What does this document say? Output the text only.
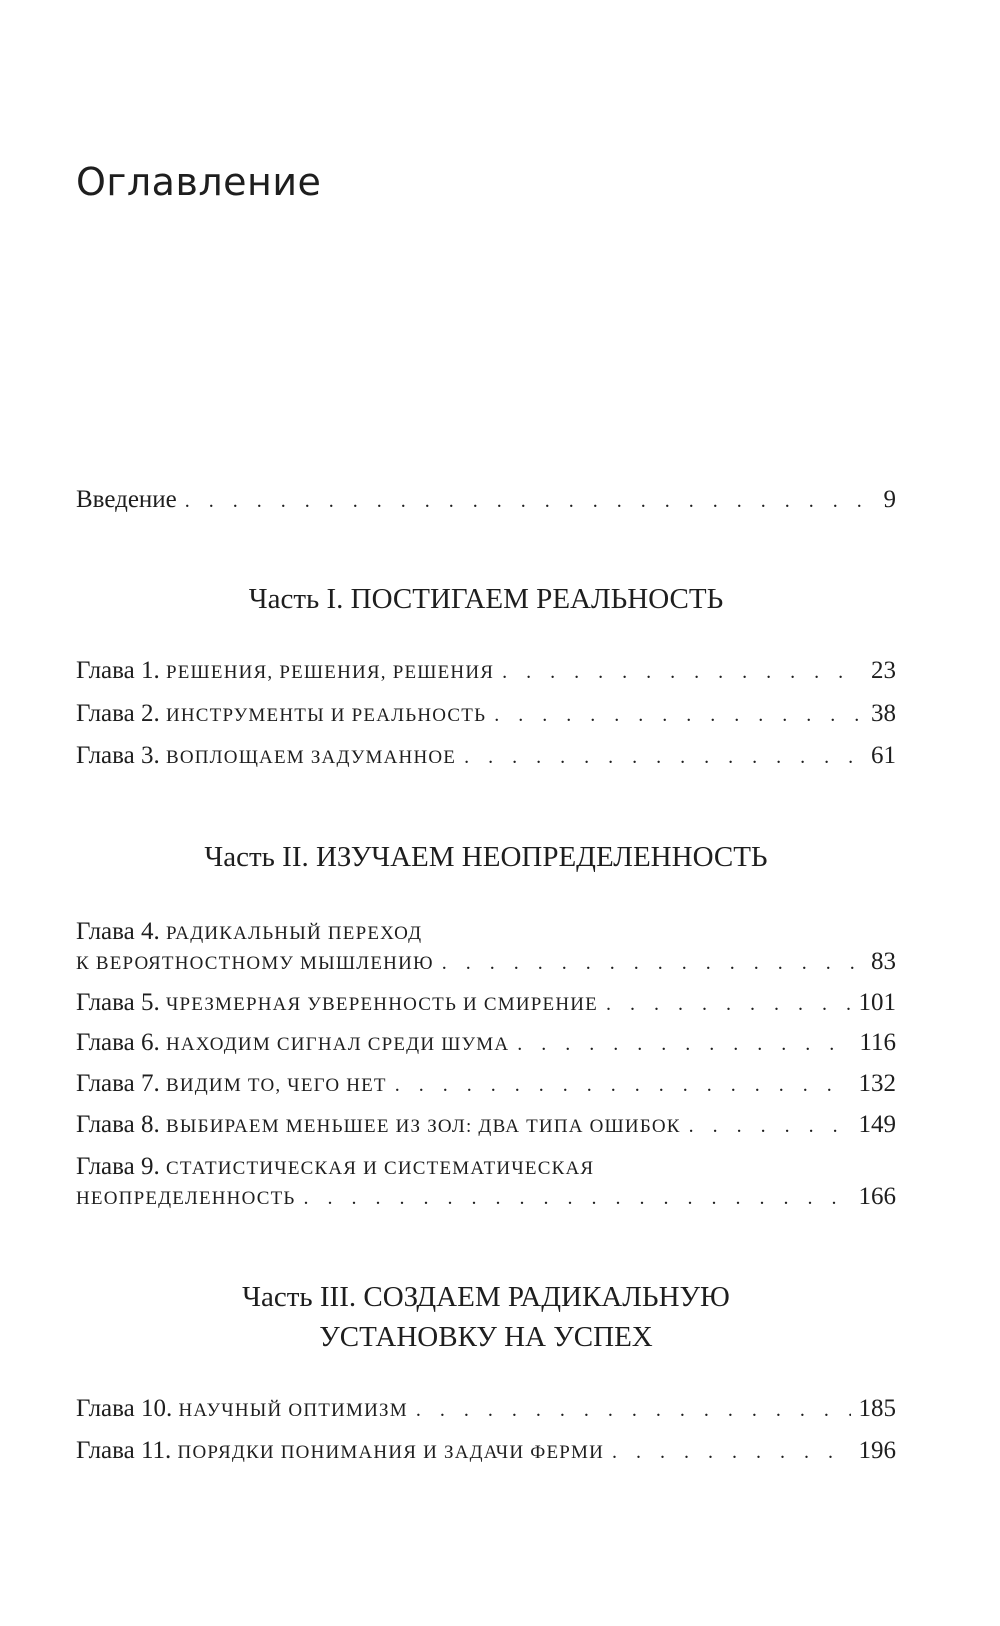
Оглавление
Введение . . .	9
Часть I. ПОСТИГАЕМ РЕАЛЬНОСТЬ
Глава 1. РЕШЕНИЯ, РЕШЕНИЯ, РЕШЕНИЯ . . .	23
Глава 2. ИНСТРУМЕНТЫ И РЕАЛЬНОСТЬ . . .	38
Глава 3. ВОПЛОЩАЕМ ЗАДУМАННОЕ . . .	61
Часть II. ИЗУЧАЕМ НЕОПРЕДЕЛЕННОСТЬ
Глава 4. РАДИКАЛЬНЫЙ ПЕРЕХОД
К ВЕРОЯТНОСТНОМУ МЫШЛЕНИЮ . . .	83
Глава 5. ЧРЕЗМЕРНАЯ УВЕРЕННОСТЬ И СМИРЕНИЕ . . .	101
Глава 6. НАХОДИМ СИГНАЛ СРЕДИ ШУМА . . .	116
Глава 7. ВИДИМ ТО, ЧЕГО НЕТ . . .	132
Глава 8. ВЫБИРАЕМ МЕНЬШЕЕ ИЗ ЗОЛ: ДВА ТИПА ОШИБОК . . .	149
Глава 9. СТАТИСТИЧЕСКАЯ И СИСТЕМАТИЧЕСКАЯ
НЕОПРЕДЕЛЕННОСТЬ . . .	166
Часть III. СОЗДАЕМ РАДИКАЛЬНУЮ
УСТАНОВКУ НА УСПЕХ
Глава 10. НАУЧНЫЙ ОПТИМИЗМ . . .	185
Глава 11. ПОРЯДКИ ПОНИМАНИЯ И ЗАДАЧИ ФЕРМИ . . .	196
